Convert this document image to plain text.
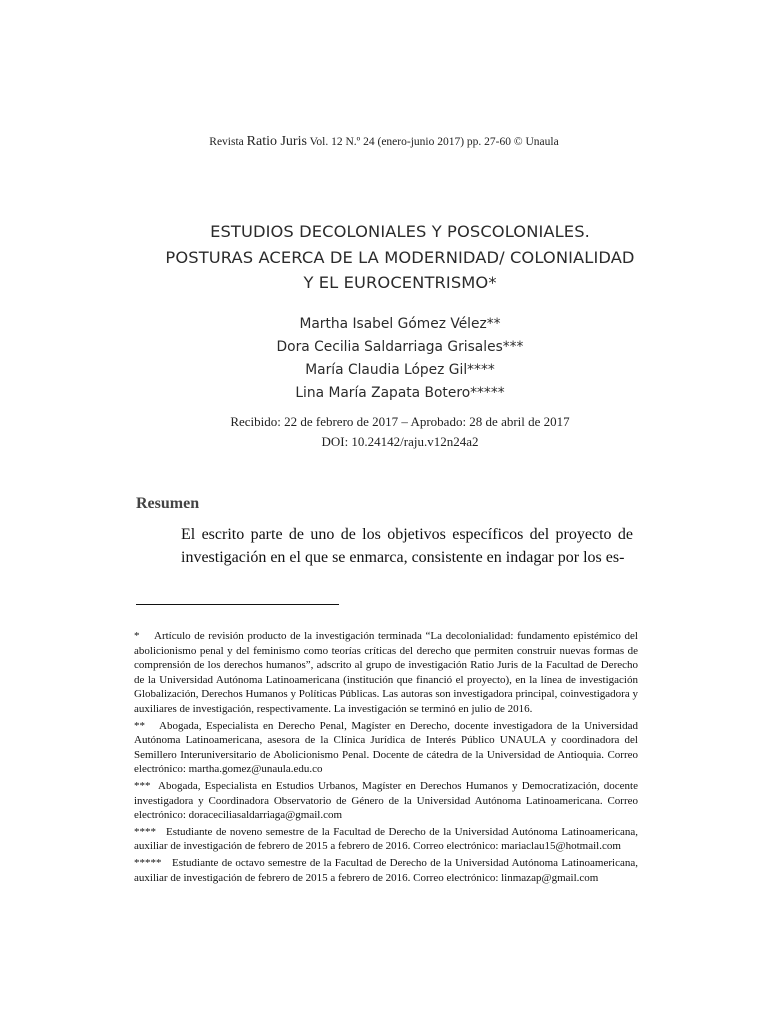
Revista Ratio Juris Vol. 12 N.º 24 (enero-junio 2017) pp. 27-60 © Unaula
ESTUDIOS DECOLONIALES Y POSCOLONIALES.
POSTURAS ACERCA DE LA MODERNIDAD/ COLONIALIDAD
Y EL EUROCENTRISMO*
Martha Isabel Gómez Vélez**
Dora Cecilia Saldarriaga Grisales***
María Claudia López Gil****
Lina María Zapata Botero*****
Recibido: 22 de febrero de 2017 – Aprobado: 28 de abril de 2017
DOI: 10.24142/raju.v12n24a2
Resumen
El escrito parte de uno de los objetivos específicos del proyecto de investigación en el que se enmarca, consistente en indagar por los es-
*	Artículo de revisión producto de la investigación terminada “La decolonialidad: fundamento epistémico del abolicionismo penal y del feminismo como teorías críticas del derecho que permiten construir nuevas formas de comprensión de los derechos humanos”, adscrito al grupo de investigación Ratio Juris de la Facultad de Derecho de la Universidad Autónoma Latinoamericana (institución que financió el proyecto), en la línea de investigación Globalización, Derechos Humanos y Políticas Públicas. Las autoras son investigadora principal, coinvestigadora y auxiliares de investigación, respectivamente. La investigación se terminó en julio de 2016.
**	Abogada, Especialista en Derecho Penal, Magíster en Derecho, docente investigadora de la Universidad Autónoma Latinoamericana, asesora de la Clínica Jurídica de Interés Público UNAULA y coordinadora del Semillero Interuniversitario de Abolicionismo Penal. Docente de cátedra de la Universidad de Antioquia. Correo electrónico: martha.gomez@unaula.edu.co
*** Abogada, Especialista en Estudios Urbanos, Magíster en Derechos Humanos y Democratización, docente investigadora y Coordinadora Observatorio de Género de la Universidad Autónoma Latinoamericana. Correo electrónico: doraceciliasaldarriaga@gmail.com
**** Estudiante de noveno semestre de la Facultad de Derecho de la Universidad Autónoma Latinoamericana, auxiliar de investigación de febrero de 2015 a febrero de 2016. Correo electrónico: mariaclau15@hotmail.com
***** Estudiante de octavo semestre de la Facultad de Derecho de la Universidad Autónoma Latinoamericana, auxiliar de investigación de febrero de 2015 a febrero de 2016. Correo electrónico: linmazap@gmail.com
